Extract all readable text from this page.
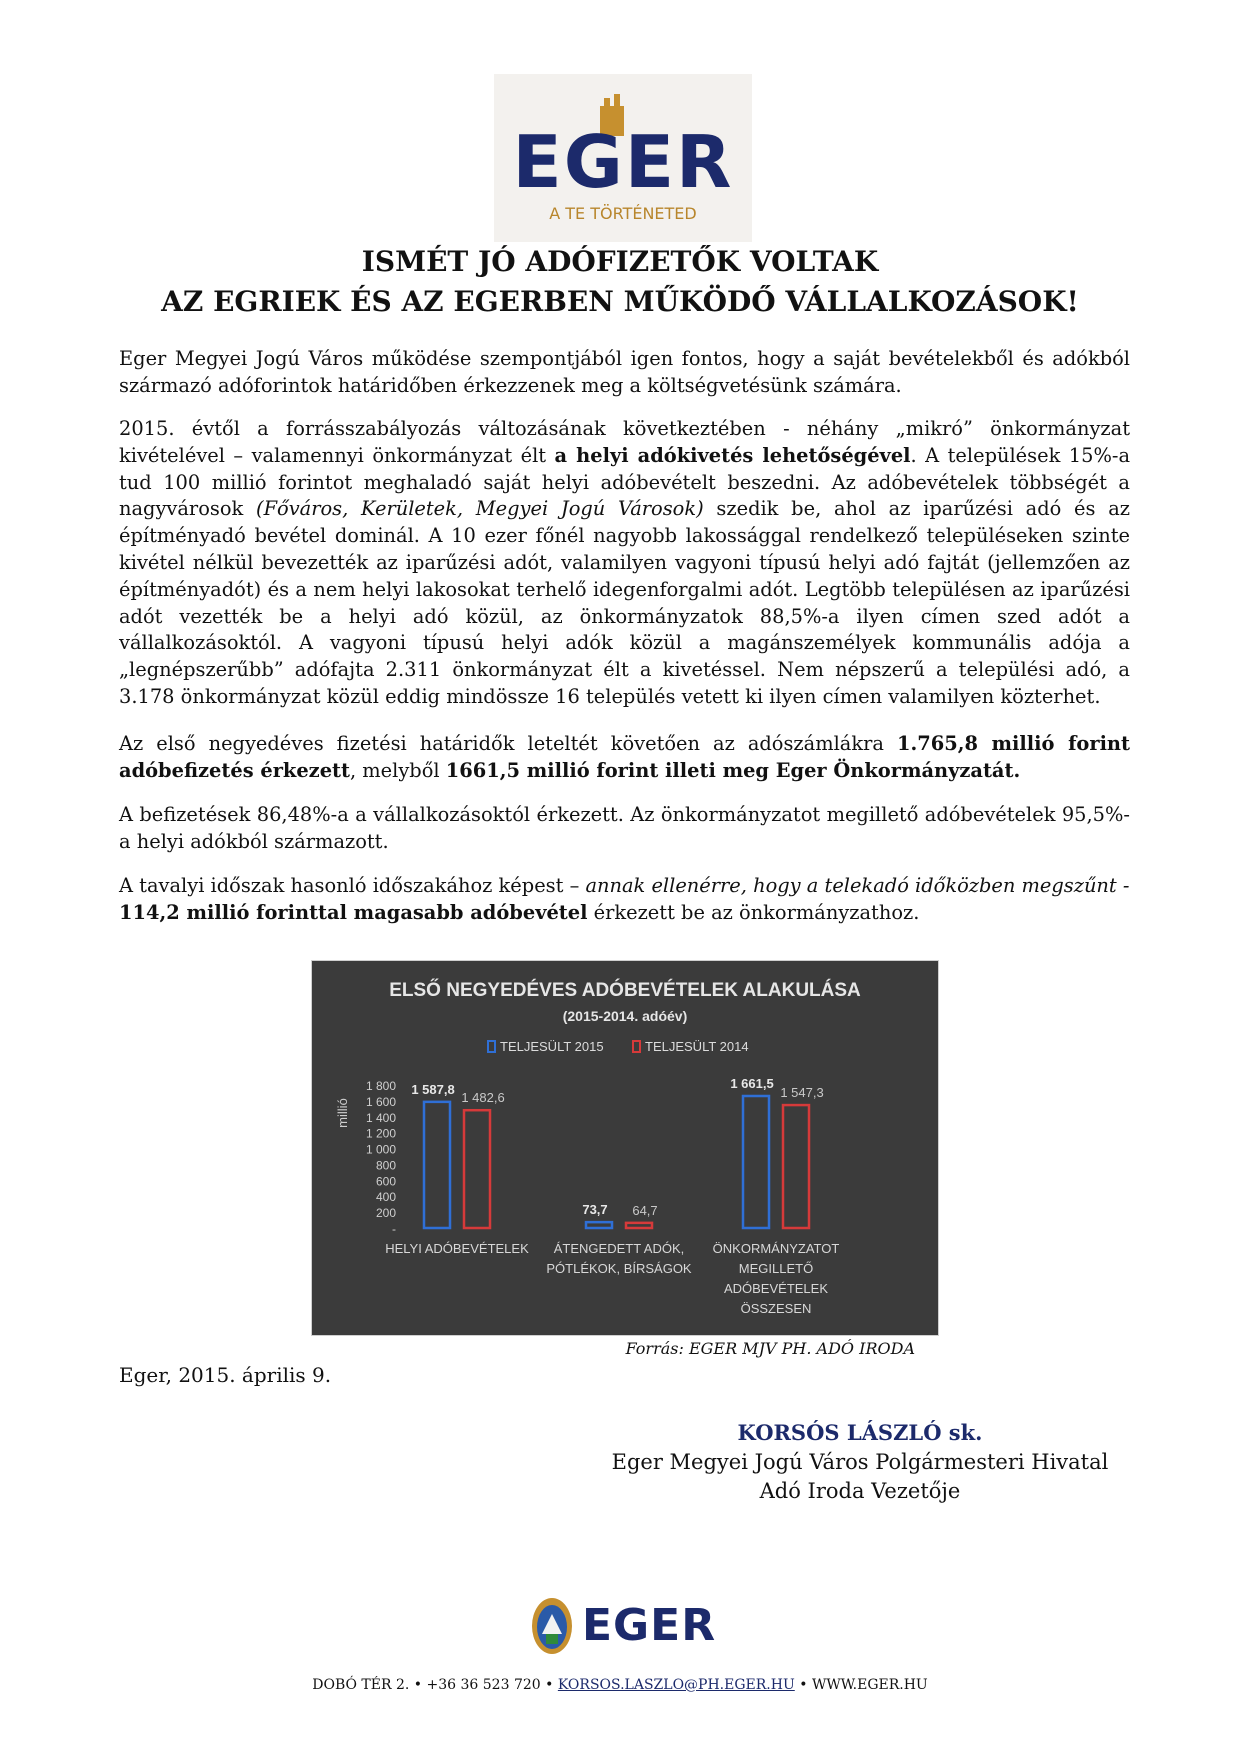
EGER
A TE TÖRTÉNETED
ISMÉT JÓ ADÓFIZETŐK VOLTAK
AZ EGRIEK ÉS AZ EGERBEN MŰKÖDŐ VÁLLALKOZÁSOK!

Eger Megyei Jogú Város működése szempontjából igen fontos, hogy a saját bevételekből és adókból származó adóforintok határidőben érkezzenek meg a költségvetésünk számára.

2015. évtől a forrásszabályozás változásának következtében - néhány „mikró” önkormányzat kivételével – valamennyi önkormányzat élt a helyi adókivetés lehetőségével. A települések 15%-a tud 100 millió forintot meghaladó saját helyi adóbevételt beszedni. Az adóbevételek többségét a nagyvárosok (Főváros, Kerületek, Megyei Jogú Városok) szedik be, ahol az iparűzési adó és az építményadó bevétel dominál. A 10 ezer főnél nagyobb lakossággal rendelkező településeken szinte kivétel nélkül bevezették az iparűzési adót, valamilyen vagyoni típusú helyi adó fajtát (jellemzően az építményadót) és a nem helyi lakosokat terhelő idegenforgalmi adót. Legtöbb településen az iparűzési adót vezették be a helyi adó közül, az önkormányzatok 88,5%-a ilyen címen szed adót a vállalkozásoktól. A vagyoni típusú helyi adók közül a magánszemélyek kommunális adója a „legnépszerűbb” adófajta 2.311 önkormányzat élt a kivetéssel. Nem népszerű a települési adó, a 3.178 önkormányzat közül eddig mindössze 16 település vetett ki ilyen címen valamilyen közterhet.

Az első negyedéves fizetési határidők leteltét követően az adószámlákra 1.765,8 millió forint adóbefizetés érkezett, melyből 1661,5 millió forint illeti meg Eger Önkormányzatát.

A befizetések 86,48%-a a vállalkozásoktól érkezett. Az önkormányzatot megillető adóbevételek 95,5%-a helyi adókból származott.

A tavalyi időszak hasonló időszakához képest – annak ellenérre, hogy a telekadó időközben megszűnt -
114,2 millió forinttal magasabb adóbevétel érkezett be az önkormányzathoz.

ELSŐ NEGYEDÉVES ADÓBEVÉTELEK ALAKULÁSA
(2015-2014. adóév)
TELJESÜLT 2015	TELJESÜLT 2014
millió
1 800
1 600
1 400
1 200
1 000
800
600
400
200
-
1 587,8
73,7
1 661,5
1 482,6
64,7
1 547,3
HELYI ADÓBEVÉTELEK ÁTENGEDETT ADÓK,
PÓTLÉKOK, BÍRSÁGOK
ÖNKORMÁNYZATOT
MEGILLETŐ
ADÓBEVÉTELEK
ÖSSZESEN
Forrás: EGER MJV PH. ADÓ IRODA
Eger, 2015. április 9.
KORSÓS LÁSZLÓ sk.
Eger Megyei Jogú Város Polgármesteri Hivatal
Adó Iroda Vezetője
EGER
DOBÓ TÉR 2. • +36 36 523 720 • KORSOS.LASZLO@PH.EGER.HU • WWW.EGER.HU
